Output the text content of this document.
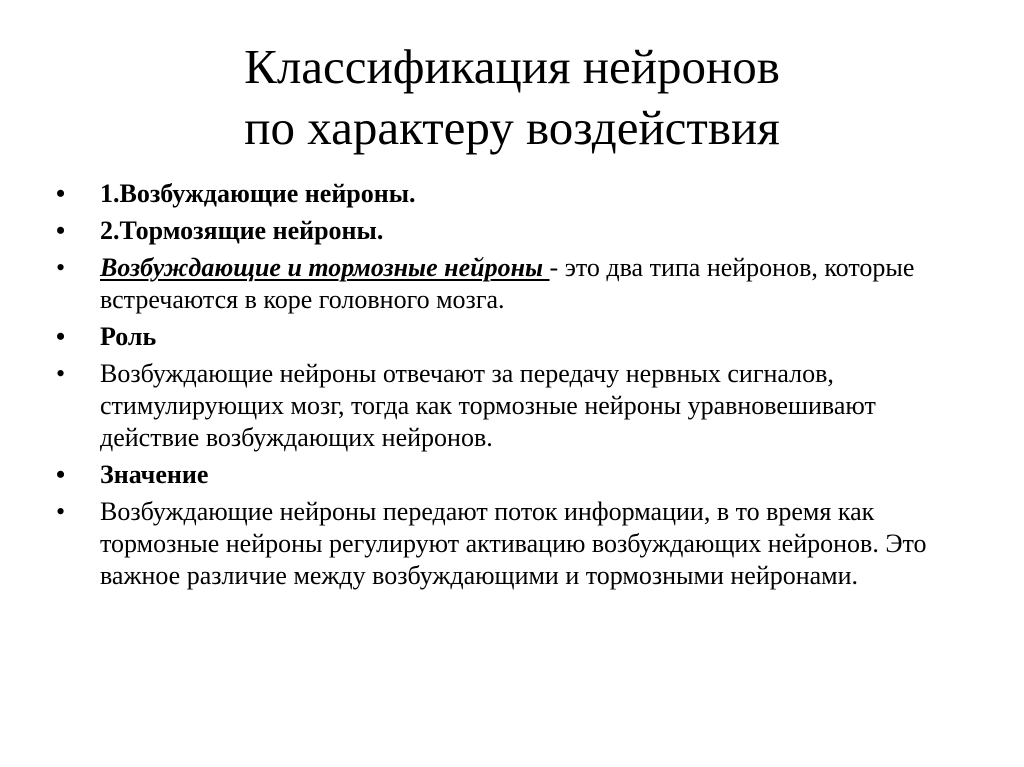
Классификация нейронов
по характеру воздействия
•	1.Возбуждающие нейроны.
•	2.Тормозящие нейроны.
•	Возбуждающие и тормозные нейроны - это два типа нейронов, которые встречаются в коре головного мозга.
•	Роль
•	Возбуждающие нейроны отвечают за передачу нервных сигналов, стимулирующих мозг, тогда как тормозные нейроны уравновешивают действие возбуждающих нейронов.
•	Значение
•	Возбуждающие нейроны передают поток информации, в то время как тормозные нейроны регулируют активацию возбуждающих нейронов. Это важное различие между возбуждающими и тормозными нейронами.
